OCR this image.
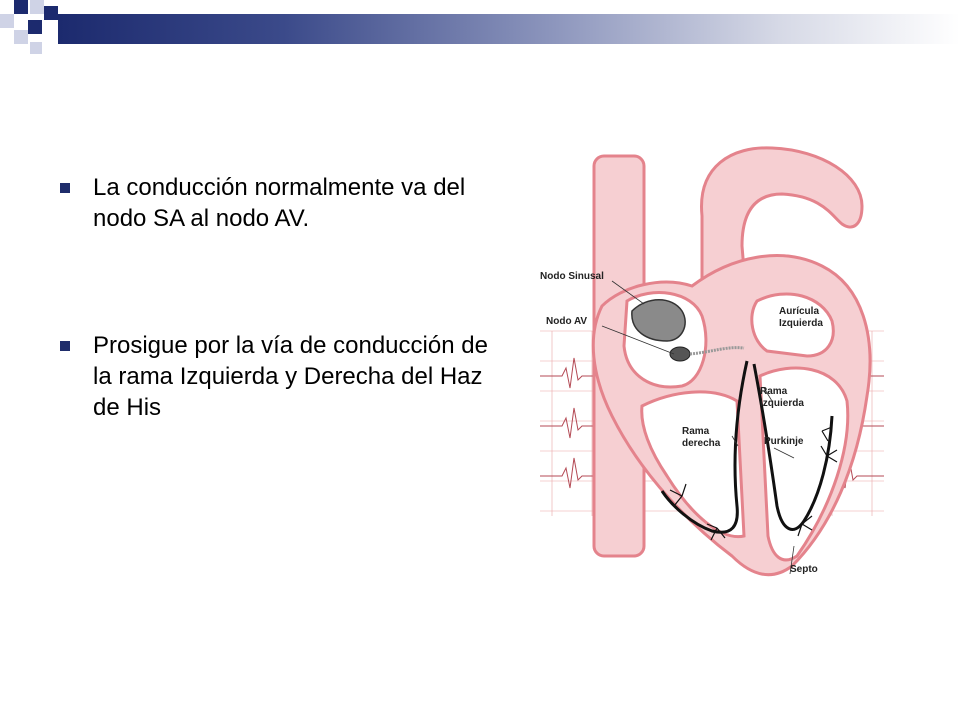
La conducción normalmente va del nodo SA al nodo AV.
Prosigue por la vía de conducción de la rama Izquierda y Derecha del Haz de His
Nodo Sinusal
Nodo AV
Aurícula
Izquierda
Rama
izquierda
Rama
derecha	Purkinje
Septo
